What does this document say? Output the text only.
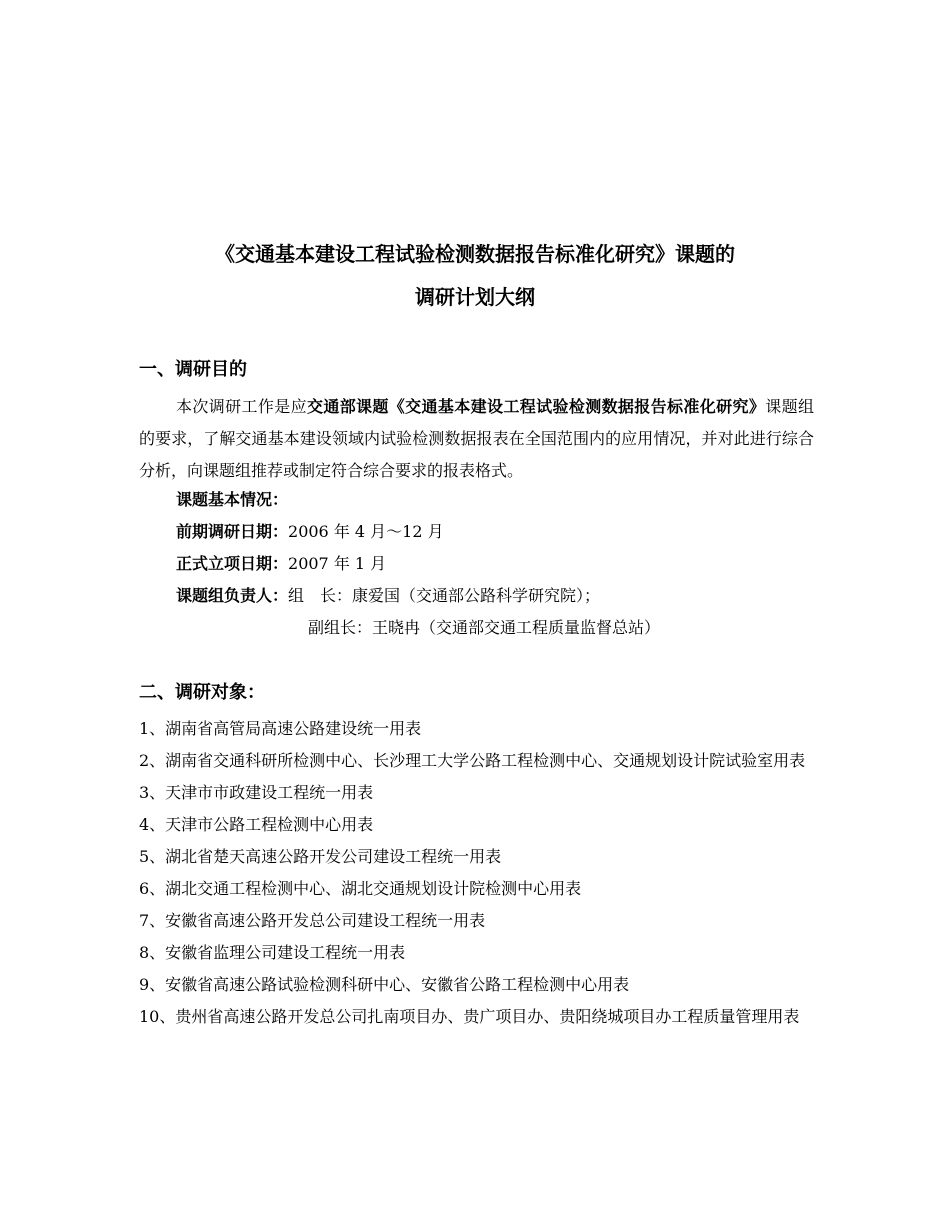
《交通基本建设工程试验检测数据报告标准化研究》课题的
调研计划大纲
一、调研目的
本次调研工作是应交通部课题《交通基本建设工程试验检测数据报告标准化研究》课题组的要求，了解交通基本建设领域内试验检测数据报表在全国范围内的应用情况，并对此进行综合分析，向课题组推荐或制定符合综合要求的报表格式。
课题基本情况：
前期调研日期：2006 年 4 月～12 月
正式立项日期：2007 年 1 月
课题组负责人：组　长：康爱国（交通部公路科学研究院）；
副组长：王晓冉（交通部交通工程质量监督总站）
二、调研对象：
1、湖南省高管局高速公路建设统一用表
2、湖南省交通科研所检测中心、长沙理工大学公路工程检测中心、交通规划设计院试验室用表
3、天津市市政建设工程统一用表
4、天津市公路工程检测中心用表
5、湖北省楚天高速公路开发公司建设工程统一用表
6、湖北交通工程检测中心、湖北交通规划设计院检测中心用表
7、安徽省高速公路开发总公司建设工程统一用表
8、安徽省监理公司建设工程统一用表
9、安徽省高速公路试验检测科研中心、安徽省公路工程检测中心用表
10、贵州省高速公路开发总公司扎南项目办、贵广项目办、贵阳绕城项目办工程质量管理用表
